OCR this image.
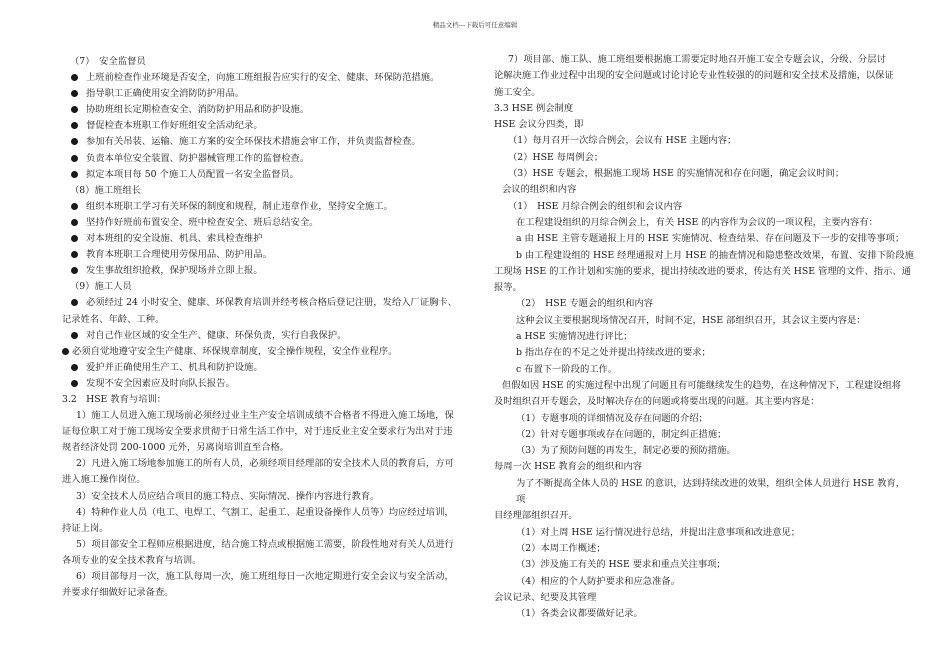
精品文档---下载后可任意编辑

（7）　安全监督员

上班前检查作业环境是否安全，向施工班组报告应实行的安全、健康、环保防范措施。

指导职工正确使用安全消防防护用品。

协助班组长定期检查安全、消防防护用品和防护设施。

督促检查本班职工作好班组安全活动纪录。

参加有关吊装、运输、施工方案的安全环保技术措施会审工作，并负责监督检查。

负责本单位安全装置、防护器械管理工作的监督检查。

拟定本项目每 50 个施工人员配置一名安全监督员。

（8）施工班组长

组织本班职工学习有关环保的制度和规程，制止违章作业，坚持安全施工。

坚持作好班前布置安全、班中检查安全、班后总结安全。

对本班组的安全设施、机具、索具检查维护

教育本班职工合理使用劳保用品、防护用品。

发生事故组织抢救，保护现场并立即上报。

（9）施工人员

必须经过 24 小时安全、健康、环保教育培训并经考核合格后登记注册，发给入厂证胸卡、

记录姓名、年龄、工种。

对自己作业区域的安全生产、健康、环保负责，实行自我保护。

必须自觉地遵守安全生产健康、环保规章制度，安全操作规程，安全作业程序。

爱护并正确使用生产工、机具和防护设施。

发现不安全因素应及时向队长报告。

3.2　HSE 教育与培训：

1）施工人员进入施工现场前必须经过业主生产安全培训成绩不合格者不得进入施工场地，保

证每位职工对于施工现场安全要求贯彻于日常生活工作中，对于违反业主安全要求行为出对于违

规者经济处罚 200-1000 元外，另离岗培训直至合格。

2）凡进入施工场地参加施工的所有人员，必须经项目经理部的安全技术人员的教育后，方可

进入施工操作岗位。

3）安全技术人员应结合项目的施工特点、实际情况、操作内容进行教育。

4）特种作业人员（电工、电焊工、气割工、起重工、起重设备操作人员等）均应经过培训，

持证上岗。

5）项目部安全工程师应根据进度，结合施工特点或根据施工需要，阶段性地对有关人员进行

各项专业的安全技术教育与培训。

6）项目部每月一次，施工队每周一次，施工班组每日一次地定期进行安全会议与安全活动，

并要求仔细做好记录备查。

7）项目部、施工队、施工班组要根据施工需要定时地召开施工安全专题会议，分级、分层讨

论解决施工作业过程中出现的安全问题或讨论讨论专业性较强的的问题和安全技术及措施，以保证

施工安全。

3.3 HSE 例会制度

HSE 会议分四类，即

（1）每月召开一次综合例会，会议有 HSE 主题内容；

（2）HSE 每周例会；

（3）HSE 专题会，根据施工现场 HSE 的实施情况和存在问题，确定会议时间；

会议的组织和内容

（1）　HSE 月综合例会的组织和会议内容

在工程建设组织的月综合例会上，有关 HSE 的内容作为会议的一项议程，主要内容有：

a 由 HSE 主管专题通报上月的 HSE 实施情况、检查结果、存在问题及下一步的安排等事项；

b 由工程建设组的 HSE 经理通报对上月 HSE 的抽查情况和隐患整改效果，布置、安排下阶段施

工现场 HSE 的工作计划和实施的要求，提出持续改进的要求，传达有关 HSE 管理的文件、指示、通

报等。

（2）　HSE 专题会的组织和内容

这种会议主要根据现场情况召开，时间不定，HSE 部组织召开，其会议主要内容是：

a HSE 实施情况进行评比；

b 指出存在的不足之处并提出持续改进的要求；

c 布置下一阶段的工作。

但假如因 HSE 的实施过程中出现了问题且有可能继续发生的趋势，在这种情况下，工程建设组将

及时组织召开专题会，及时解决存在的问题或将要出现的问题。其主要内容是：

（1）专题事项的详细情况及存在问题的介绍；

（2）针对专题事项或存在问题的，制定纠正措施；

（3）为了预防问题的再发生，制定必要的预防措施。

每周一次 HSE 教育会的组织和内容

为了不断提高全体人员的 HSE 的意识，达到持续改进的效果，组织全体人员进行 HSE 教育，项

目经理部组织召开。

（1）对上周 HSE 运行情况进行总结，并提出注意事项和改进意见；

（2）本周工作概述；

（3）涉及施工有关的 HSE 要求和重点关注事项；

（4）相应的个人防护要求和应急准备。

会议记录、纪要及其管理

（1）各类会议都要做好记录。
